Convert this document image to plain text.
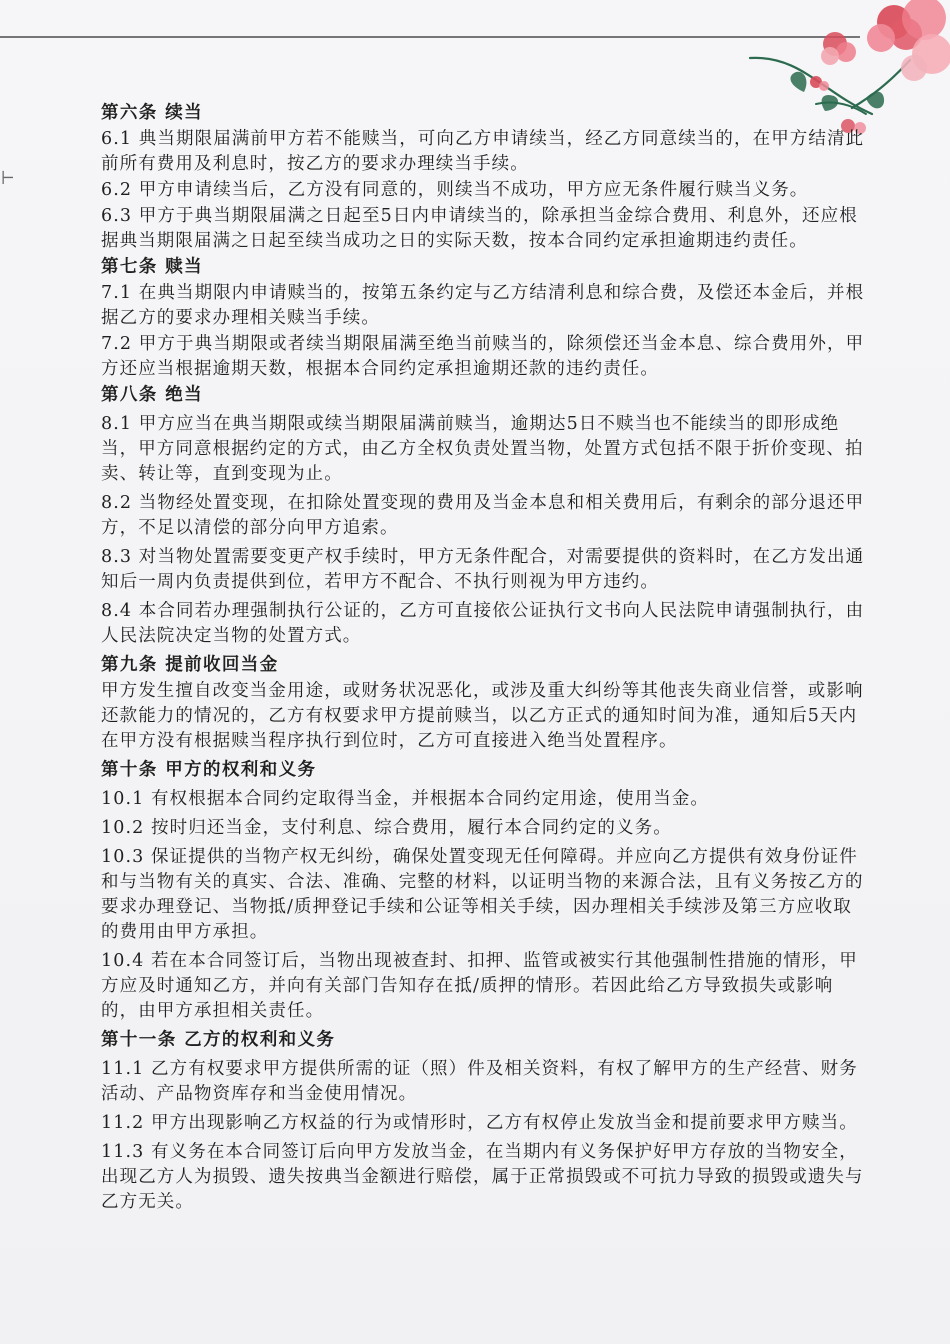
⊢
第六条 续当

6.1 典当期限届满前甲方若不能赎当，可向乙方申请续当，经乙方同意续当的，在甲方结清此前所有费用及利息时，按乙方的要求办理续当手续。

6.2 甲方申请续当后，乙方没有同意的，则续当不成功，甲方应无条件履行赎当义务。

6.3 甲方于典当期限届满之日起至5日内申请续当的，除承担当金综合费用、利息外，还应根据典当期限届满之日起至续当成功之日的实际天数，按本合同约定承担逾期违约责任。

第七条 赎当

7.1 在典当期限内申请赎当的，按第五条约定与乙方结清利息和综合费，及偿还本金后，并根据乙方的要求办理相关赎当手续。

7.2 甲方于典当期限或者续当期限届满至绝当前赎当的，除须偿还当金本息、综合费用外，甲方还应当根据逾期天数，根据本合同约定承担逾期还款的违约责任。

第八条 绝当

8.1 甲方应当在典当期限或续当期限届满前赎当，逾期达5日不赎当也不能续当的即形成绝当，甲方同意根据约定的方式，由乙方全权负责处置当物，处置方式包括不限于折价变现、拍卖、转让等，直到变现为止。

8.2 当物经处置变现，在扣除处置变现的费用及当金本息和相关费用后，有剩余的部分退还甲方，不足以清偿的部分向甲方追索。

8.3 对当物处置需要变更产权手续时，甲方无条件配合，对需要提供的资料时，在乙方发出通知后一周内负责提供到位，若甲方不配合、不执行则视为甲方违约。

8.4 本合同若办理强制执行公证的，乙方可直接依公证执行文书向人民法院申请强制执行，由人民法院决定当物的处置方式。

第九条 提前收回当金

甲方发生擅自改变当金用途，或财务状况恶化，或涉及重大纠纷等其他丧失商业信誉，或影响还款能力的情况的，乙方有权要求甲方提前赎当，以乙方正式的通知时间为准，通知后5天内在甲方没有根据赎当程序执行到位时，乙方可直接进入绝当处置程序。

第十条 甲方的权利和义务

10.1 有权根据本合同约定取得当金，并根据本合同约定用途，使用当金。

10.2 按时归还当金，支付利息、综合费用，履行本合同约定的义务。

10.3 保证提供的当物产权无纠纷，确保处置变现无任何障碍。并应向乙方提供有效身份证件和与当物有关的真实、合法、准确、完整的材料，以证明当物的来源合法，且有义务按乙方的要求办理登记、当物抵/质押登记手续和公证等相关手续，因办理相关手续涉及第三方应收取的费用由甲方承担。

10.4 若在本合同签订后，当物出现被查封、扣押、监管或被实行其他强制性措施的情形，甲方应及时通知乙方，并向有关部门告知存在抵/质押的情形。若因此给乙方导致损失或影响的，由甲方承担相关责任。

第十一条 乙方的权利和义务

11.1 乙方有权要求甲方提供所需的证（照）件及相关资料，有权了解甲方的生产经营、财务活动、产品物资库存和当金使用情况。

11.2 甲方出现影响乙方权益的行为或情形时，乙方有权停止发放当金和提前要求甲方赎当。

11.3 有义务在本合同签订后向甲方发放当金，在当期内有义务保护好甲方存放的当物安全，出现乙方人为损毁、遗失按典当金额进行赔偿，属于正常损毁或不可抗力导致的损毁或遗失与乙方无关。
